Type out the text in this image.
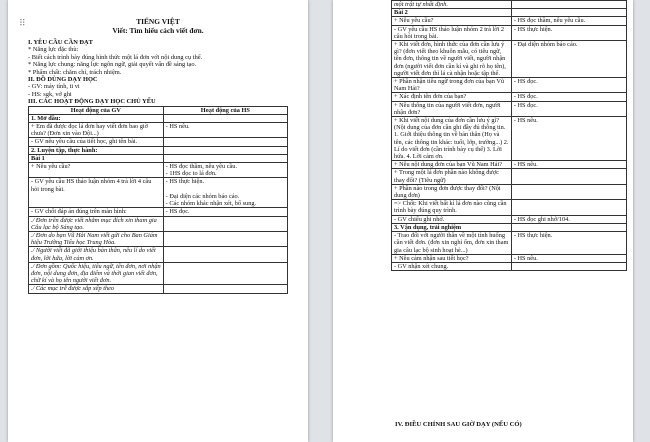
TIẾNG VIỆT
Viết: Tìm hiểu cách viết đơn.
I. YÊU CẦU CẦN ĐẠT
* Năng lực đặc thù:
- Biết cách trình bày đúng hình thức một lá đơn với nội dung cụ thể.
* Năng lực chung: năng lực ngôn ngữ, giải quyết vấn đề sáng tạo.
* Phẩm chất: chăm chỉ, trách nhiệm.
II. ĐỒ DÙNG DẠY HỌC
- GV: máy tính, ti vi
- HS: sgk, vở ghi
III. CÁC HOẠT ĐỘNG DẠY HỌC CHỦ YẾU
Hoạt động của GV	Hoạt động của HS
1. Mở đầu:	
+ Em đã được đọc lá đơn hay viết đơn bao giờ chưa? (Đơn xin vào Đội...)	- HS nêu.
- GV nêu yêu cầu của tiết học, ghi tên bài.	
2. Luyện tập, thực hành:	
Bài 1	
+ Nêu yêu cầu?	- HS đọc thầm, nêu yêu cầu.
- 1HS đọc to lá đơn.
- GV yêu cầu HS thảo luận nhóm 4 trả lời 4 câu hỏi trong bài.	- HS thực hiện.

- Đại diện các nhóm báo cáo.
- Các nhóm khác nhận xét, bổ sung.
- GV chốt đáp án đúng trên màn hình:	- HS đọc.
./ Đơn trên được viết nhằm mục đích xin tham gia Câu lạc bộ Sáng tạo.	
./ Đơn do bạn Vũ Hải Nam viết gửi cho Ban Giám hiệu Trường Tiểu học Trung Hòa.	
./ Người viết đã giới thiệu bản thân, nêu lí do viết đơn, lời hứa, lời cảm ơn.	
./ Đơn gồm: Quốc hiệu, tiêu ngữ, tên đơn, nơi nhận đơn, nội dung đơn, địa điểm và thời gian viết đơn, chữ kí và họ tên người viết đơn.	
./ Các mục trễ được sắp xếp theo	
⠿
một trật tự nhất định.	
Bài 2	
+ Nêu yêu cầu?	- HS đọc thầm, nêu yêu cầu.
- GV yêu cầu HS thảo luận nhóm 2 trả lời 2 câu hỏi trong bài.	- HS thực hiện.
+ Khi viết đơn, hình thức của đơn cần lưu ý gì? (đơn viết theo khuôn mẫu, có tiêu ngữ, tên đơn, thông tin về người viết, người nhận đơn (người viết đơn cần kí và ghi rõ họ tên), người viết đơn thì lá cà nhận hoặc tập thể.	- Đại diện nhóm báo cáo.
+ Phần nhận tiêu ngữ trong đơn của bạn Vũ Nam Hải?	- HS đọc.
+ Xác định tên đơn của bạn?	- HS đọc.
+ Nêu thông tin của người viết đơn, người nhận đơn?	- HS đọc.
+ Khi viết nội dung của đơn cần lưu ý gì? (Nội dung của đơn cần ghi đầy đủ thông tin. 1. Giới thiệu thông tin về bản thân (Họ và tên, các thông tin khác: tuổi, lớp, trường...) 2. Lí do viết đơn (cần trình bày cụ thể) 3. Lời hứa. 4. Lời cảm ơn.	- HS nêu.
+ Nêu nội dung đơn của bạn Vũ Nam Hải?	- HS nêu.
+ Trong một lá đơn phần nào không được thay đổi? (Tiêu ngữ)	
+ Phần nào trong đơn được thay đổi? (Nội dung đơn)	
=> Chốt: Khi viết bất kì lá đơn nào cũng cần trình bày đúng quy trình.	
- GV chiếu ghi nhớ.	- HS đọc ghi nhớ/104.
3. Vận dụng, trải nghiệm	
- Trao đổi với người thân về một tình huống cần viết đơn. (đơn xin nghỉ ốm, đơn xin tham gia câu lạc bộ sinh hoạt hè...)	- HS thực hiện.
+ Nêu cảm nhận sau tiết học?	- HS nêu.
- GV nhận xét chung.	
IV. ĐIỀU CHỈNH SAU GIỜ DẠY (NẾU CÓ)
